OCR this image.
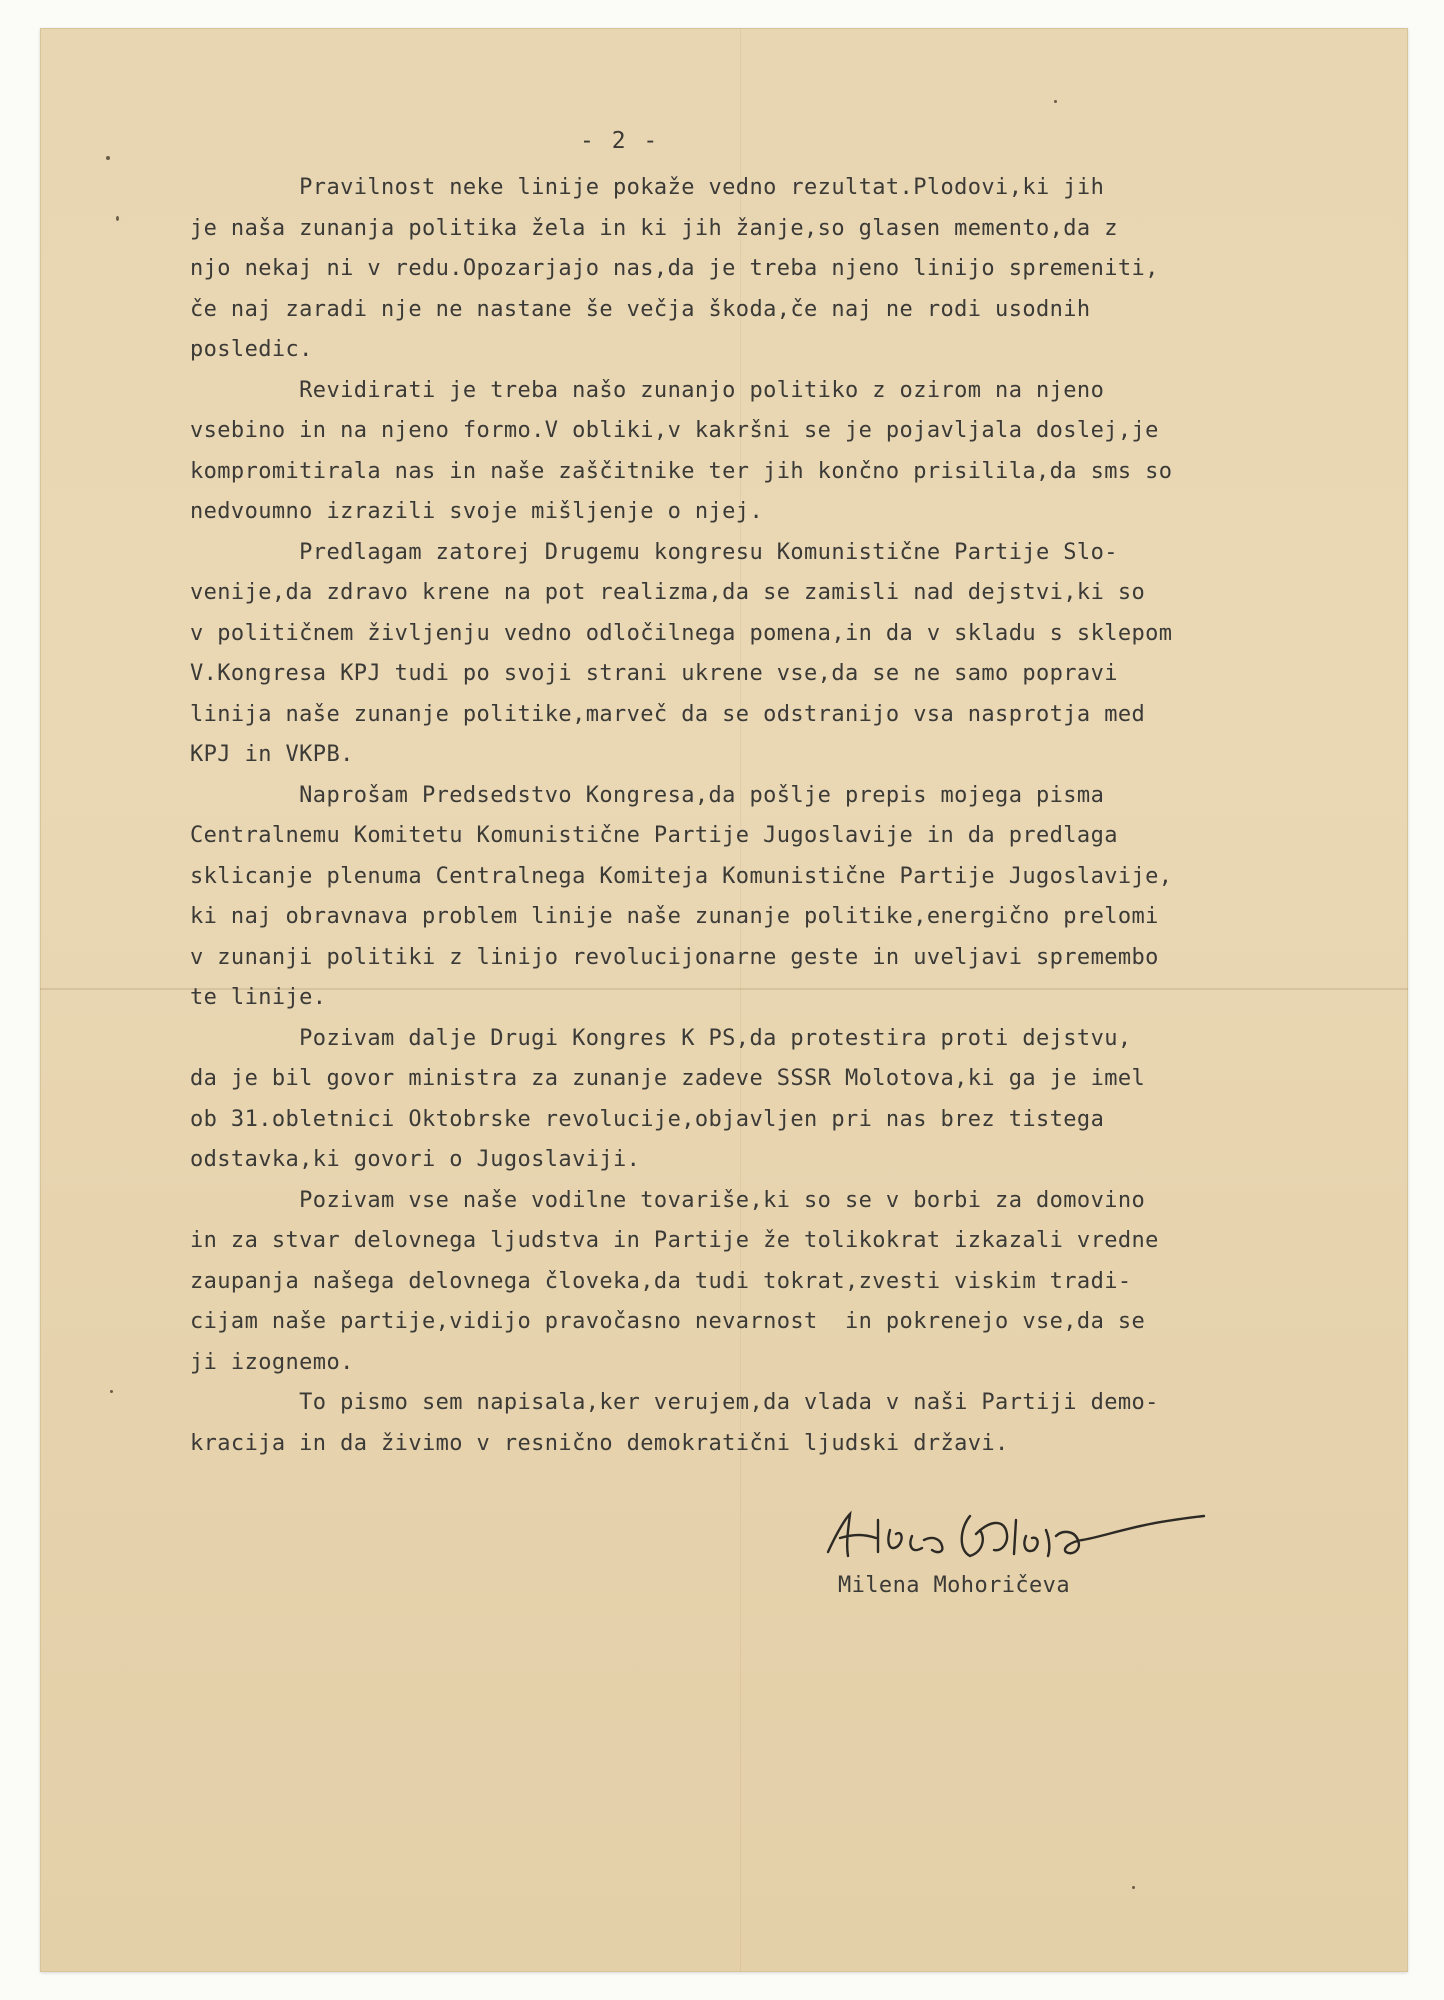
- 2 -
Pravilnost neke linije pokaže vedno rezultat.Plodovi,ki jih
je naša zunanja politika žela in ki jih žanje,so glasen memento,da z
njo nekaj ni v redu.Opozarjajo nas,da je treba njeno linijo spremeniti,
če naj zaradi nje ne nastane še večja škoda,če naj ne rodi usodnih
posledic.
Revidirati je treba našo zunanjo politiko z ozirom na njeno
vsebino in na njeno formo.V obliki,v kakršni se je pojavljala doslej,je
kompromitirala nas in naše zaščitnike ter jih končno prisilila,da sms so
nedvoumno izrazili svoje mišljenje o njej.
Predlagam zatorej Drugemu kongresu Komunistične Partije Slo-
venije,da zdravo krene na pot realizma,da se zamisli nad dejstvi,ki so
v političnem življenju vedno odločilnega pomena,in da v skladu s sklepom
V.Kongresa KPJ tudi po svoji strani ukrene vse,da se ne samo popravi
linija naše zunanje politike,marveč da se odstranijo vsa nasprotja med
KPJ in VKPB.
Naprošam Predsedstvo Kongresa,da pošlje prepis mojega pisma
Centralnemu Komitetu Komunistične Partije Jugoslavije in da predlaga
sklicanje plenuma Centralnega Komiteja Komunistične Partije Jugoslavije,
ki naj obravnava problem linije naše zunanje politike,energično prelomi
v zunanji politiki z linijo revolucijonarne geste in uveljavi spremembo
te linije.
Pozivam dalje Drugi Kongres K PS,da protestira proti dejstvu,
da je bil govor ministra za zunanje zadeve SSSR Molotova,ki ga je imel
ob 31.obletnici Oktobrske revolucije,objavljen pri nas brez tistega
odstavka,ki govori o Jugoslaviji.
Pozivam vse naše vodilne tovariše,ki so se v borbi za domovino
in za stvar delovnega ljudstva in Partije že tolikokrat izkazali vredne
zaupanja našega delovnega človeka,da tudi tokrat,zvesti viskim tradi-
cijam naše partije,vidijo pravočasno nevarnost  in pokrenejo vse,da se
ji izognemo.
To pismo sem napisala,ker verujem,da vlada v naši Partiji demo-
kracija in da živimo v resnično demokratični ljudski državi.
Milena Mohoričeva
